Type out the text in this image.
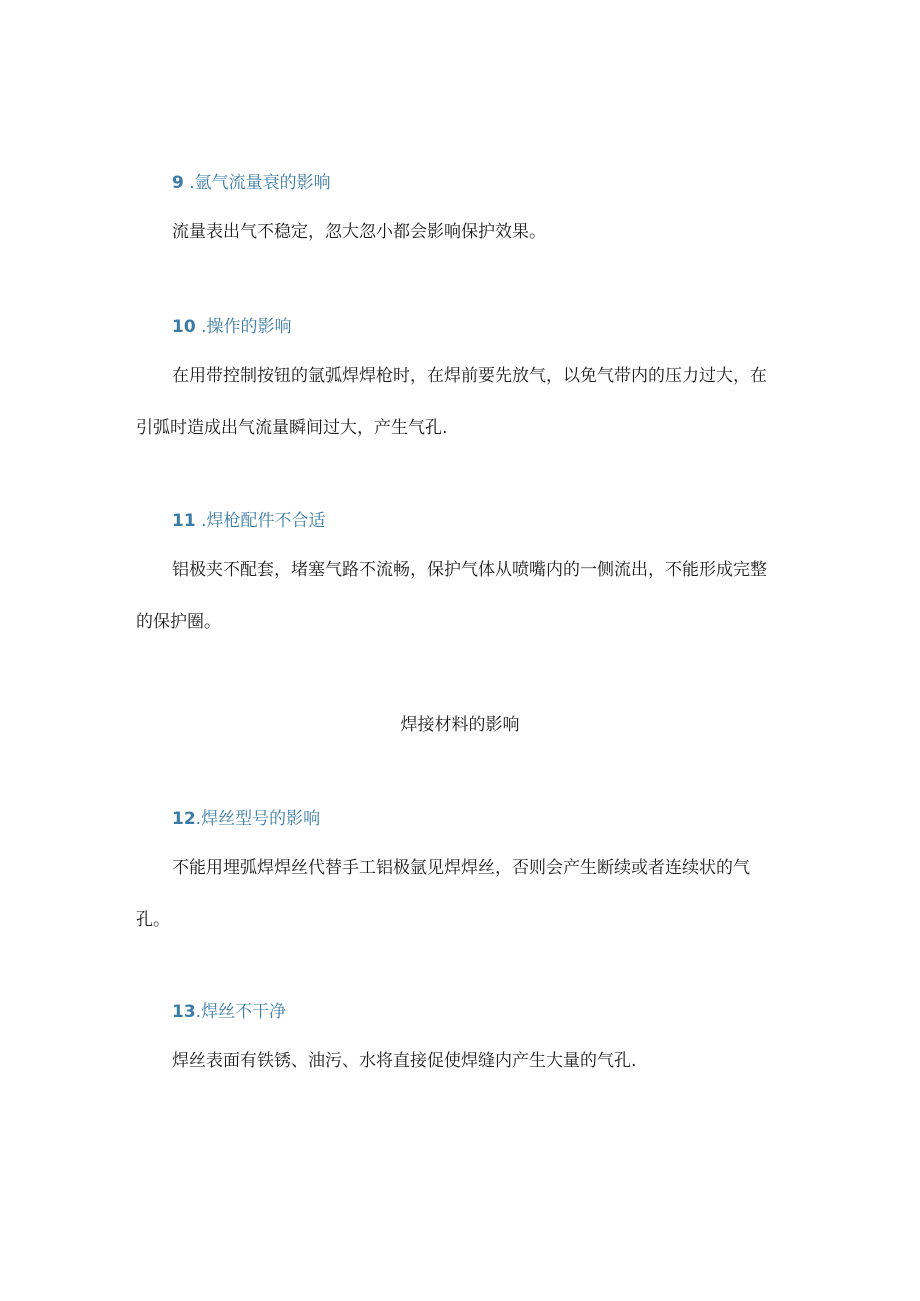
9 .氩气流量衰的影响

流量表出气不稳定，忽大忽小都会影响保护效果。

10 .操作的影响

在用带控制按钮的氩弧焊焊枪时，在焊前要先放气，以免气带内的压力过大，在引弧时造成出气流量瞬间过大，产生气孔.

11 .焊枪配件不合适

铝极夹不配套，堵塞气路不流畅，保护气体从喷嘴内的一侧流出，不能形成完整的保护圈。

焊接材料的影响
12.焊丝型号的影响

不能用埋弧焊焊丝代替手工铝极氩见焊焊丝，否则会产生断续或者连续状的气孔。

13.焊丝不干净

焊丝表面有铁锈、油污、水将直接促使焊缝内产生大量的气孔.
